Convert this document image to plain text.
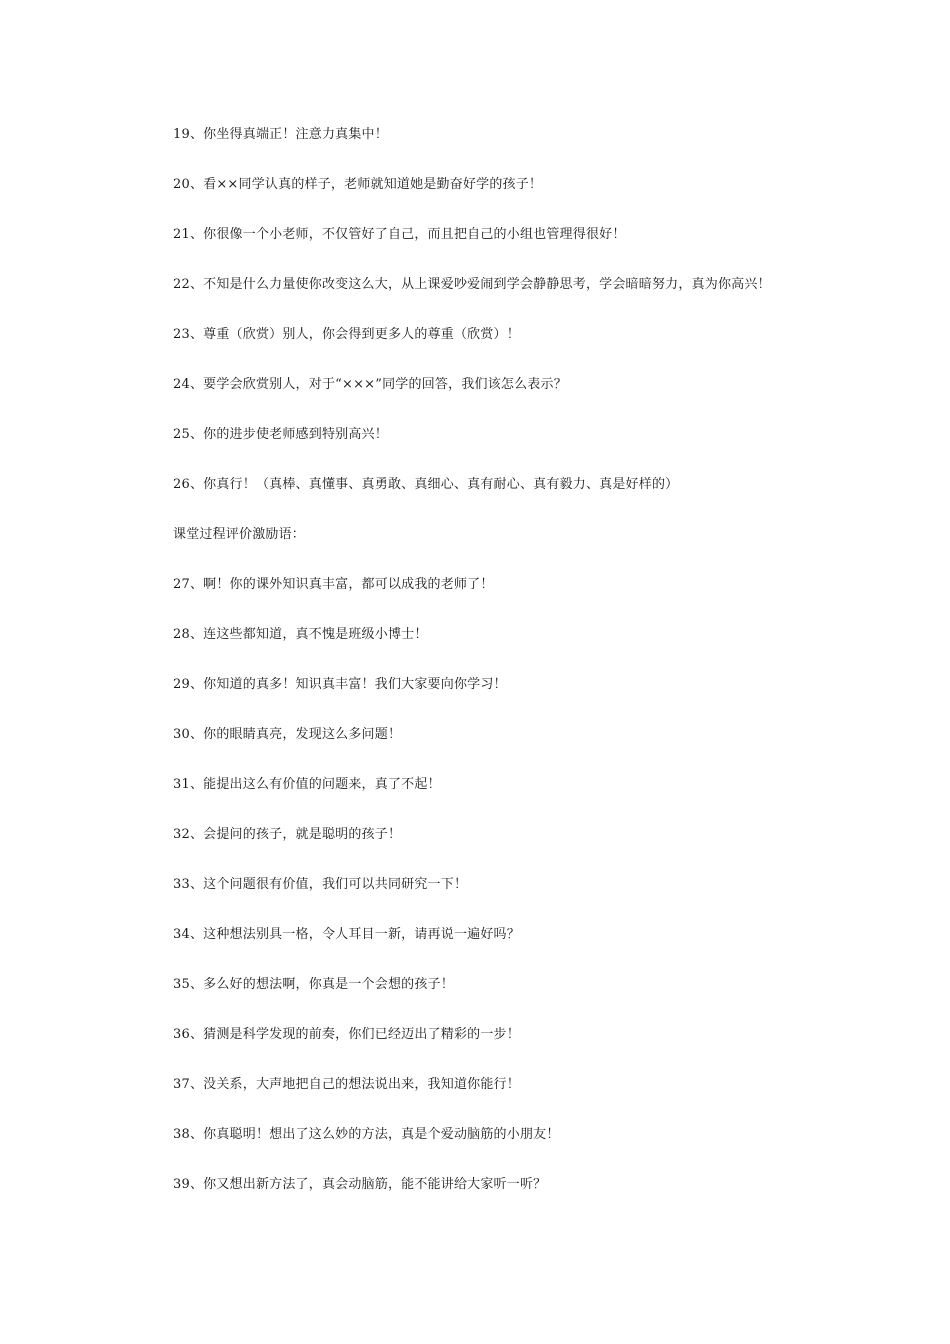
19、你坐得真端正！注意力真集中！
20、看××同学认真的样子，老师就知道她是勤奋好学的孩子！
21、你很像一个小老师，不仅管好了自己，而且把自己的小组也管理得很好！
22、不知是什么力量使你改变这么大，从上课爱吵爱闹到学会静静思考，学会暗暗努力，真为你高兴！
23、尊重（欣赏）别人，你会得到更多人的尊重（欣赏）！
24、要学会欣赏别人，对于“×××”同学的回答，我们该怎么表示？
25、你的进步使老师感到特别高兴！
26、你真行！（真棒、真懂事、真勇敢、真细心、真有耐心、真有毅力、真是好样的）
课堂过程评价激励语：
27、啊！你的课外知识真丰富，都可以成我的老师了！
28、连这些都知道，真不愧是班级小博士！
29、你知道的真多！知识真丰富！我们大家要向你学习！
30、你的眼睛真亮，发现这么多问题！
31、能提出这么有价值的问题来，真了不起！
32、会提问的孩子，就是聪明的孩子！
33、这个问题很有价值，我们可以共同研究一下！
34、这种想法别具一格，令人耳目一新，请再说一遍好吗？
35、多么好的想法啊，你真是一个会想的孩子！
36、猜测是科学发现的前奏，你们已经迈出了精彩的一步！
37、没关系，大声地把自己的想法说出来，我知道你能行！
38、你真聪明！想出了这么妙的方法，真是个爱动脑筋的小朋友！
39、你又想出新方法了，真会动脑筋，能不能讲给大家听一听？
